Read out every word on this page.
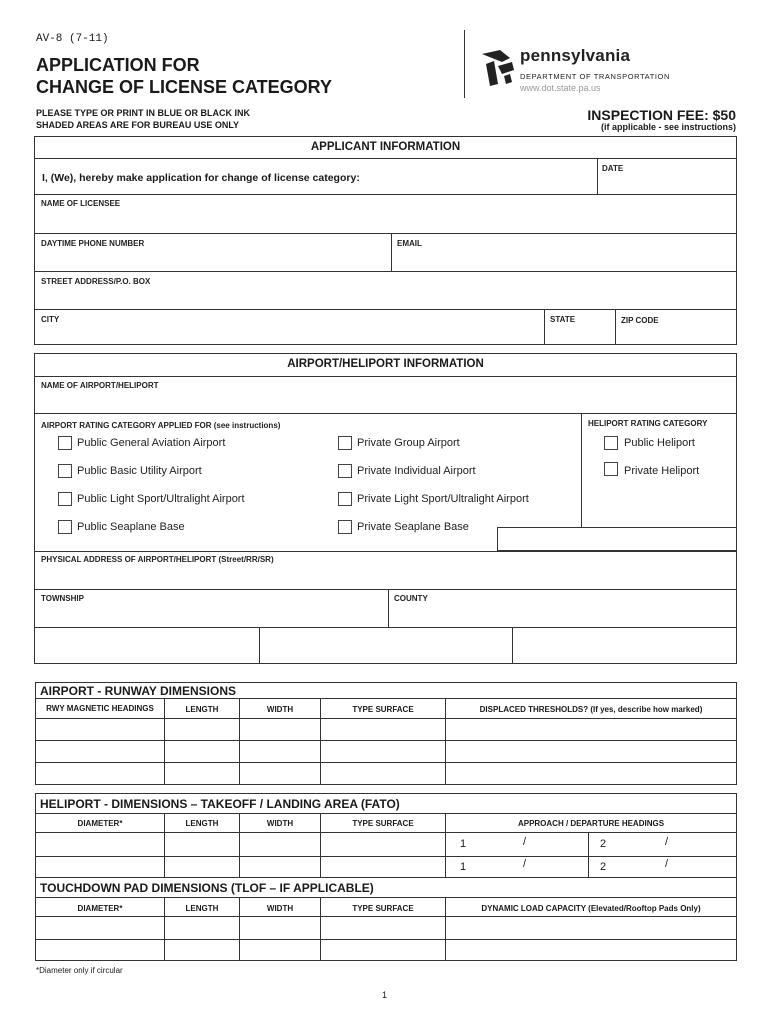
AV-8 (7-11)
APPLICATION FOR
CHANGE OF LICENSE CATEGORY
pennsylvania
DEPARTMENT OF TRANSPORTATION
www.dot.state.pa.us
PLEASE TYPE OR PRINT IN BLUE OR BLACK INK
SHADED AREAS ARE FOR BUREAU USE ONLY
INSPECTION FEE: $50
(if applicable - see instructions)
APPLICANT INFORMATION
I, (We), hereby make application for change of license category:
DATE
NAME OF LICENSEE
DAYTIME PHONE NUMBER	EMAIL
STREET ADDRESS/P.O. BOX
CITY	STATE	ZIP CODE
AIRPORT/HELIPORT INFORMATION
NAME OF AIRPORT/HELIPORT
AIRPORT RATING CATEGORY APPLIED FOR (see instructions)	HELIPORT RATING CATEGORY
Public General Aviation Airport
Public Basic Utility Airport
Public Light Sport/Ultralight Airport
Public Seaplane Base
Private Group Airport
Private Individual Airport
Private Light Sport/Ultralight Airport
Private Seaplane Base
Public Heliport
Private Heliport
PHYSICAL ADDRESS OF AIRPORT/HELIPORT (Street/RR/SR)
TOWNSHIP	COUNTY
AIRPORT - RUNWAY DIMENSIONS
RWY MAGNETIC HEADINGS	LENGTH	WIDTH	TYPE SURFACE	DISPLACED THRESHOLDS? (If yes, describe how marked)
HELIPORT - DIMENSIONS – TAKEOFF / LANDING AREA (FATO)
DIAMETER*	LENGTH	WIDTH	TYPE SURFACE	APPROACH / DEPARTURE HEADINGS
1	/	2	/
1	/	2	/
TOUCHDOWN PAD DIMENSIONS (TLOF – IF APPLICABLE)
DIAMETER*	LENGTH	WIDTH	TYPE SURFACE	DYNAMIC LOAD CAPACITY (Elevated/Rooftop Pads Only)
*Diameter only if circular
1
